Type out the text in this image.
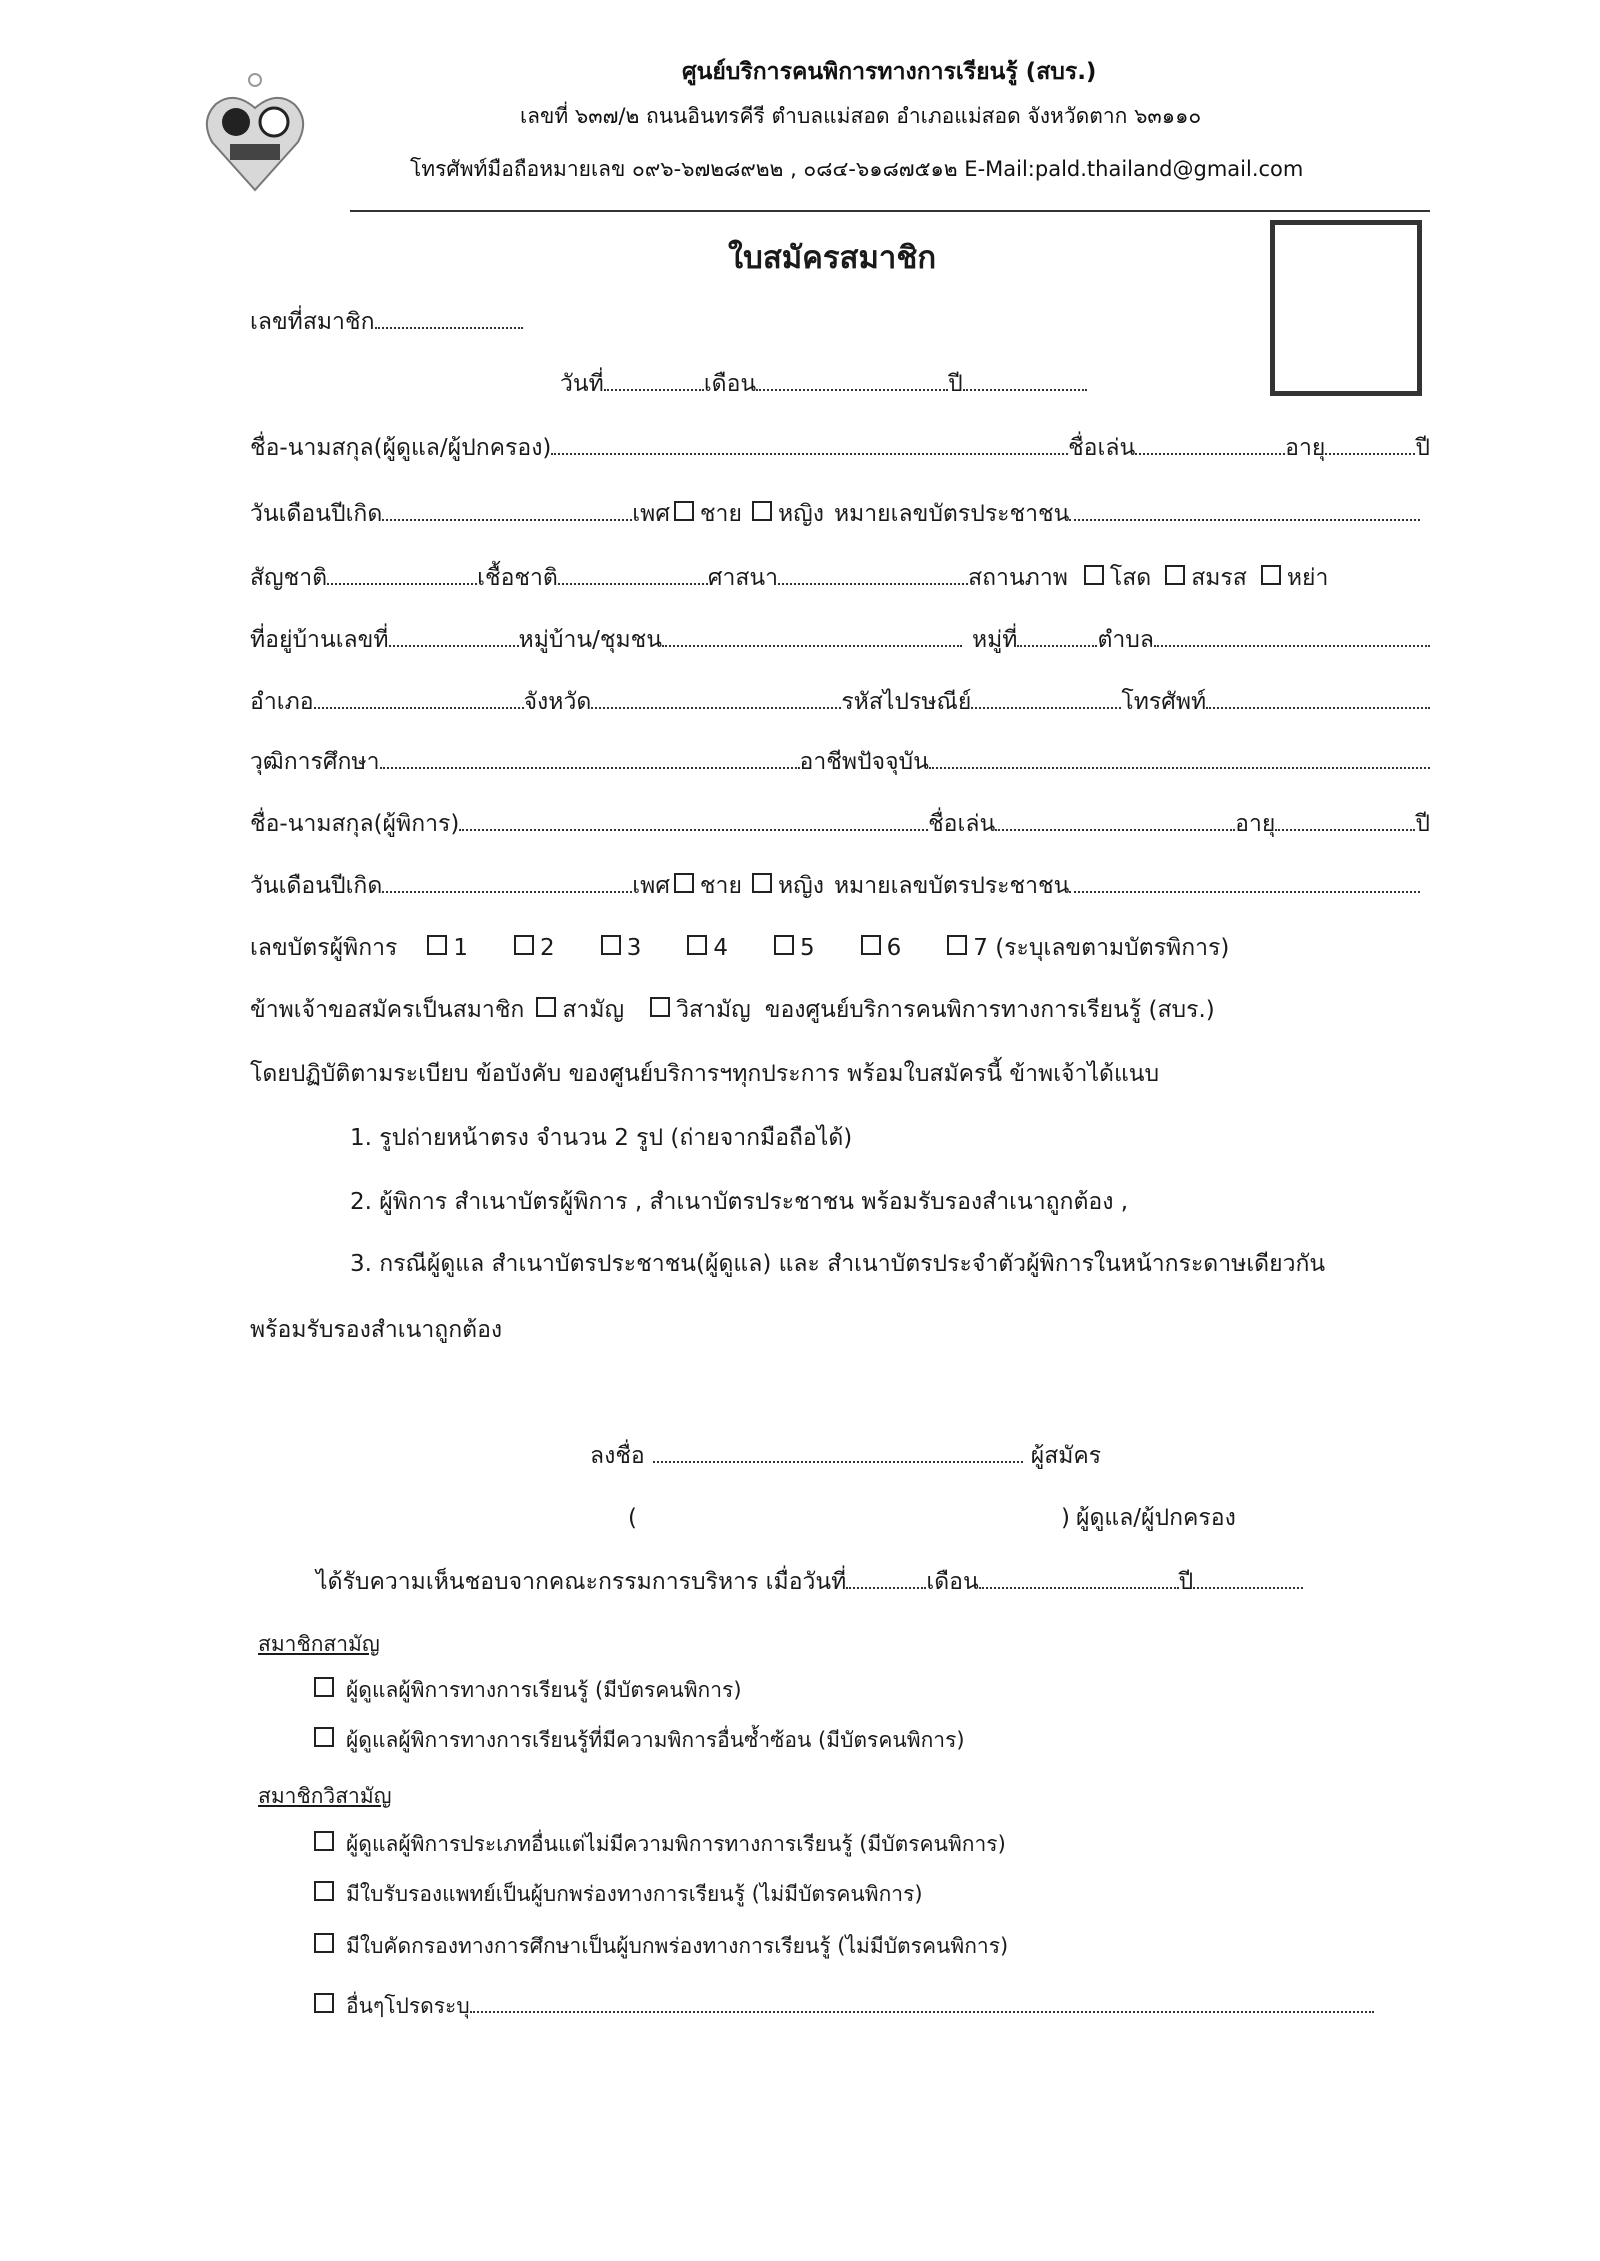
ศูนย์บริการคนพิการทางการเรียนรู้ (สบร.)
เลขที่ ๖๓๗/๒ ถนนอินทรคีรี ตำบลแม่สอด อำเภอแม่สอด จังหวัดตาก ๖๓๑๑๐
โทรศัพท์มือถือหมายเลข ๐๙๖-๖๗๒๘๙๒๒ , ๐๘๔-๖๑๘๗๕๑๒ E-Mail:pald.thailand@gmail.com
ใบสมัครสมาชิก
เลขที่สมาชิก
วันที่	เดือน	ปี
ชื่อ-นามสกุล(ผู้ดูแล/ผู้ปกครอง)	ชื่อเล่น	อายุ	ปี
วันเดือนปีเกิด	เพศ ชาย หญิง หมายเลขบัตรประชาชน
สัญชาติ	เชื้อชาติ	ศาสนา	สถานภาพ โสด สมรส หย่า
ที่อยู่บ้านเลขที่	หมู่บ้าน/ชุมชน	หมู่ที่	ตำบล
อำเภอ	จังหวัด	รหัสไปรษณีย์	โทรศัพท์
วุฒิการศึกษา	อาชีพปัจจุบัน
ชื่อ-นามสกุล(ผู้พิการ)	ชื่อเล่น	อายุ	ปี
วันเดือนปีเกิด	เพศ ชาย หญิง หมายเลขบัตรประชาชน
เลขบัตรผู้พิการ 1	2	3	4	5	6	7 (ระบุเลขตามบัตรพิการ)
ข้าพเจ้าขอสมัครเป็นสมาชิก สามัญ วิสามัญ ของศูนย์บริการคนพิการทางการเรียนรู้ (สบร.)
โดยปฏิบัติตามระเบียบ ข้อบังคับ ของศูนย์บริการฯทุกประการ พร้อมใบสมัครนี้ ข้าพเจ้าได้แนบ
1. รูปถ่ายหน้าตรง จำนวน 2 รูป (ถ่ายจากมือถือได้)
2. ผู้พิการ สำเนาบัตรผู้พิการ , สำเนาบัตรประชาชน พร้อมรับรองสำเนาถูกต้อง ,
3. กรณีผู้ดูแล สำเนาบัตรประชาชน(ผู้ดูแล) และ สำเนาบัตรประจำตัวผู้พิการในหน้ากระดาษเดียวกัน
พร้อมรับรองสำเนาถูกต้อง
ลงชื่อ	ผู้สมัคร
(	) ผู้ดูแล/ผู้ปกครอง
ได้รับความเห็นชอบจากคณะกรรมการบริหาร เมื่อวันที่	เดือน	ปี
สมาชิกสามัญ
ผู้ดูแลผู้พิการทางการเรียนรู้ (มีบัตรคนพิการ)
ผู้ดูแลผู้พิการทางการเรียนรู้ที่มีความพิการอื่นซ้ำซ้อน (มีบัตรคนพิการ)
สมาชิกวิสามัญ
ผู้ดูแลผู้พิการประเภทอื่นแต่ไม่มีความพิการทางการเรียนรู้ (มีบัตรคนพิการ)
มีใบรับรองแพทย์เป็นผู้บกพร่องทางการเรียนรู้ (ไม่มีบัตรคนพิการ)
มีใบคัดกรองทางการศึกษาเป็นผู้บกพร่องทางการเรียนรู้ (ไม่มีบัตรคนพิการ)
อื่นๆโปรดระบุ
